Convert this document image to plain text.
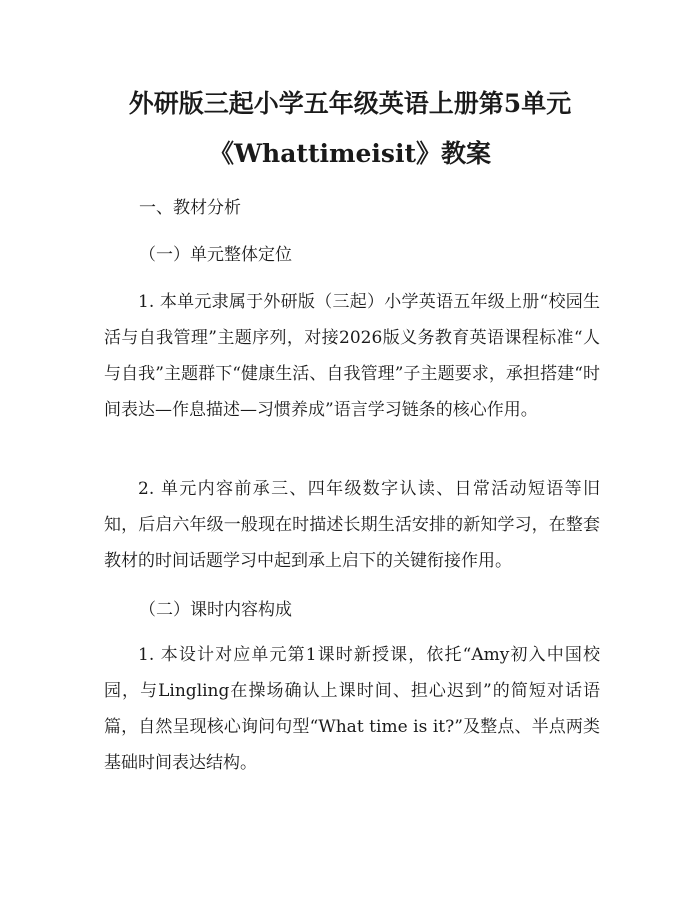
外研版三起小学五年级英语上册第5单元
《Whattimeisit》教案
一、教材分析
（一）单元整体定位

1. 本单元隶属于外研版（三起）小学英语五年级上册“校园生活与自我管理”主题序列，对接2026版义务教育英语课程标准“人与自我”主题群下“健康生活、自我管理”子主题要求，承担搭建“时间表达—作息描述—习惯养成”语言学习链条的核心作用。

2. 单元内容前承三、四年级数字认读、日常活动短语等旧知，后启六年级一般现在时描述长期生活安排的新知学习，在整套教材的时间话题学习中起到承上启下的关键衔接作用。

（二）课时内容构成

1. 本设计对应单元第1课时新授课，依托“Amy初入中国校园，与Lingling在操场确认上课时间、担心迟到”的简短对话语篇，自然呈现核心询问句型“What time is it?”及整点、半点两类基础时间表达结构。
